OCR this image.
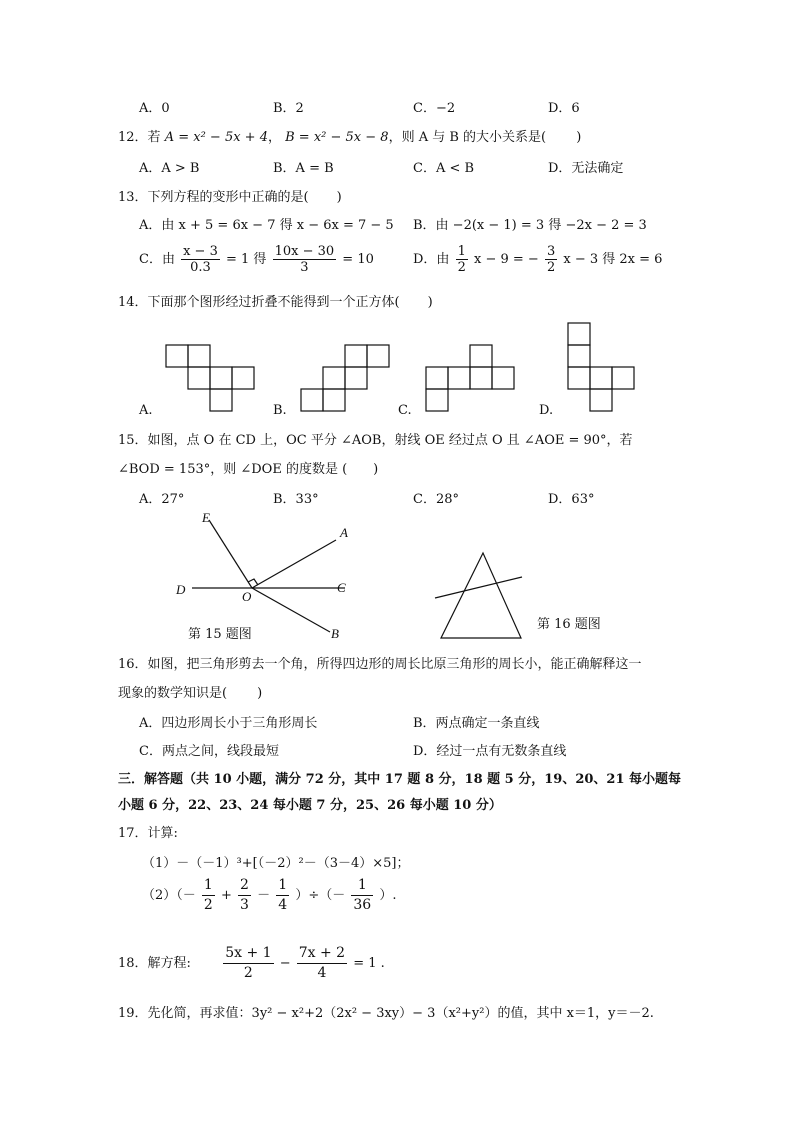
A．0	B．2	C．−2	D．6
12．若 A = x² − 5x + 4， B = x² − 5x − 8，则 A 与 B 的大小关系是( )
A．A > B	B．A = B	C．A < B	D．无法确定
13．下列方程的变形中正确的是( )
A．由 x + 5 = 6x − 7 得 x − 6x = 7 − 5 B．由 −2(x − 1) = 3 得 −2x − 2 = 3
C．由 $\frac{x - 3}{0.3} = 1$ 得 $\frac{10x - 30}{3} = 10$	D．由 $\frac{1}{2}$ x − 9 = − $\frac{3}{2}$ x − 3 得 2x = 6
14．下面那个图形经过折叠不能得到一个正方体( )
A.	B.	C.	D.
15．如图，点 O 在 CD 上，OC 平分 ∠AOB，射线 OE 经过点 O 且 ∠AOE = 90°，若
∠BOD = 153°，则 ∠DOE 的度数是 ( )
A．27°	B．33°	C．28°	D．63°
E
A
D	O
C
B
第 15 题图
第 16 题图
16．如图，把三角形剪去一个角，所得四边形的周长比原三角形的周长小，能正确解释这一
现象的数学知识是( )
A．四边形周长小于三角形周长	B．两点确定一条直线
C．两点之间，线段最短	D．经过一点有无数条直线
三．解答题（共 10 小题，满分 72 分，其中 17 题 8 分，18 题 5 分，19、20、21 每小题每
小题 6 分，22、23、24 每小题 7 分，25、26 每小题 10 分）
17．计算:
（1）－（－1）³+[（－2）²－（3－4）×5]；
$(2)(- \frac{1}{2} + \frac{2}{3} - \frac{1}{4}$ ）÷（－ $\frac{1}{36}$ ）.
18．解方程: $\frac{5x + 1}{2} - \frac{7x + 2}{4} = 1$ .
19．先化简，再求值：3y² − x²+2（2x² − 3xy）− 3（x²+y²）的值，其中 x＝1，y＝－2.
